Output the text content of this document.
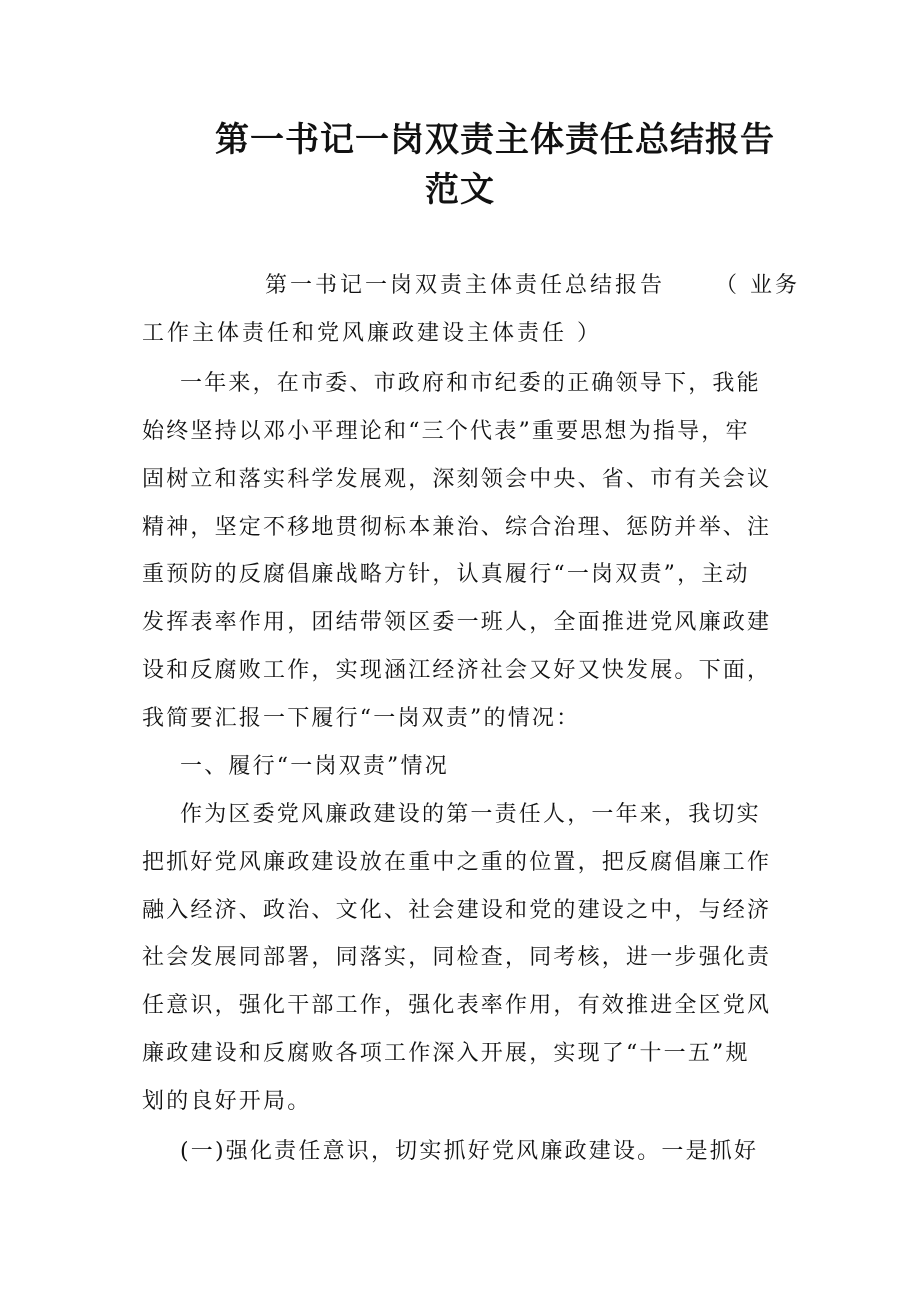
第一书记一岗双责主体责任总结报告
范文

第一书记一岗双责主体责任总结报告 （ 业务

工作主体责任和党风廉政建设主体责任 ）

一年来，在市委、市政府和市纪委的正确领导下，我能

始终坚持以邓小平理论和“三个代表”重要思想为指导，牢

固树立和落实科学发展观，深刻领会中央、省、市有关会议

精神，坚定不移地贯彻标本兼治、综合治理、惩防并举、注

重预防的反腐倡廉战略方针，认真履行“一岗双责”，主动

发挥表率作用，团结带领区委一班人，全面推进党风廉政建

设和反腐败工作，实现涵江经济社会又好又快发展。下面，

我简要汇报一下履行“一岗双责”的情况：

一、履行“一岗双责”情况

作为区委党风廉政建设的第一责任人，一年来，我切实

把抓好党风廉政建设放在重中之重的位置，把反腐倡廉工作

融入经济、政治、文化、社会建设和党的建设之中，与经济

社会发展同部署，同落实，同检查，同考核，进一步强化责

任意识，强化干部工作，强化表率作用，有效推进全区党风

廉政建设和反腐败各项工作深入开展，实现了“十一五”规

划的良好开局。

(一)强化责任意识，切实抓好党风廉政建设。一是抓好
